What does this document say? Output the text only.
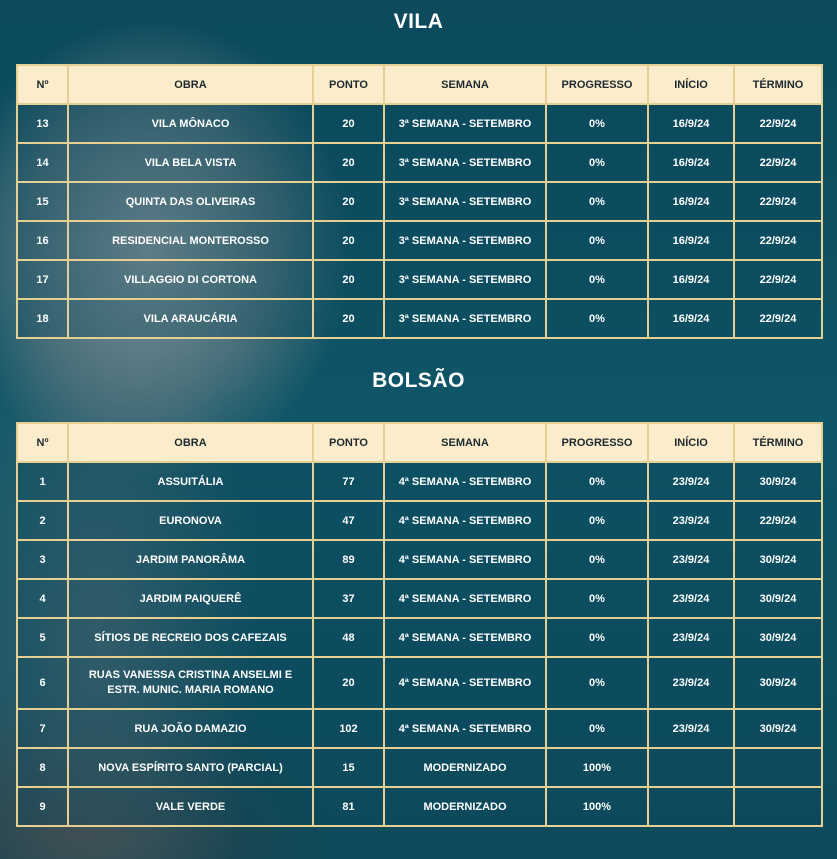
VILA
Nº	OBRA	PONTO	SEMANA	PROGRESSO	INÍCIO	TÉRMINO
13	VILA MÔNACO	20	3ª SEMANA - SETEMBRO	0%	16/9/24	22/9/24
14	VILA BELA VISTA	20	3ª SEMANA - SETEMBRO	0%	16/9/24	22/9/24
15	QUINTA DAS OLIVEIRAS	20	3ª SEMANA - SETEMBRO	0%	16/9/24	22/9/24
16	RESIDENCIAL MONTEROSSO	20	3ª SEMANA - SETEMBRO	0%	16/9/24	22/9/24
17	VILLAGGIO DI CORTONA	20	3ª SEMANA - SETEMBRO	0%	16/9/24	22/9/24
18	VILA ARAUCÁRIA	20	3ª SEMANA - SETEMBRO	0%	16/9/24	22/9/24
BOLSÃO
Nº	OBRA	PONTO	SEMANA	PROGRESSO	INÍCIO	TÉRMINO
1	ASSUITÁLIA	77	4ª SEMANA - SETEMBRO	0%	23/9/24	30/9/24
2	EURONOVA	47	4ª SEMANA - SETEMBRO	0%	23/9/24	22/9/24
3	JARDIM PANORÂMA	89	4ª SEMANA - SETEMBRO	0%	23/9/24	30/9/24
4	JARDIM PAIQUERÊ	37	4ª SEMANA - SETEMBRO	0%	23/9/24	30/9/24
5	SÍTIOS DE RECREIO DOS CAFEZAIS	48	4ª SEMANA - SETEMBRO	0%	23/9/24	30/9/24
6	RUAS VANESSA CRISTINA ANSELMI E
ESTR. MUNIC. MARIA ROMANO	20	4ª SEMANA - SETEMBRO	0%	23/9/24	30/9/24
7	RUA JOÃO DAMAZIO	102	4ª SEMANA - SETEMBRO	0%	23/9/24	30/9/24
8	NOVA ESPÍRITO SANTO (PARCIAL)	15	MODERNIZADO	100%		
9	VALE VERDE	81	MODERNIZADO	100%		
